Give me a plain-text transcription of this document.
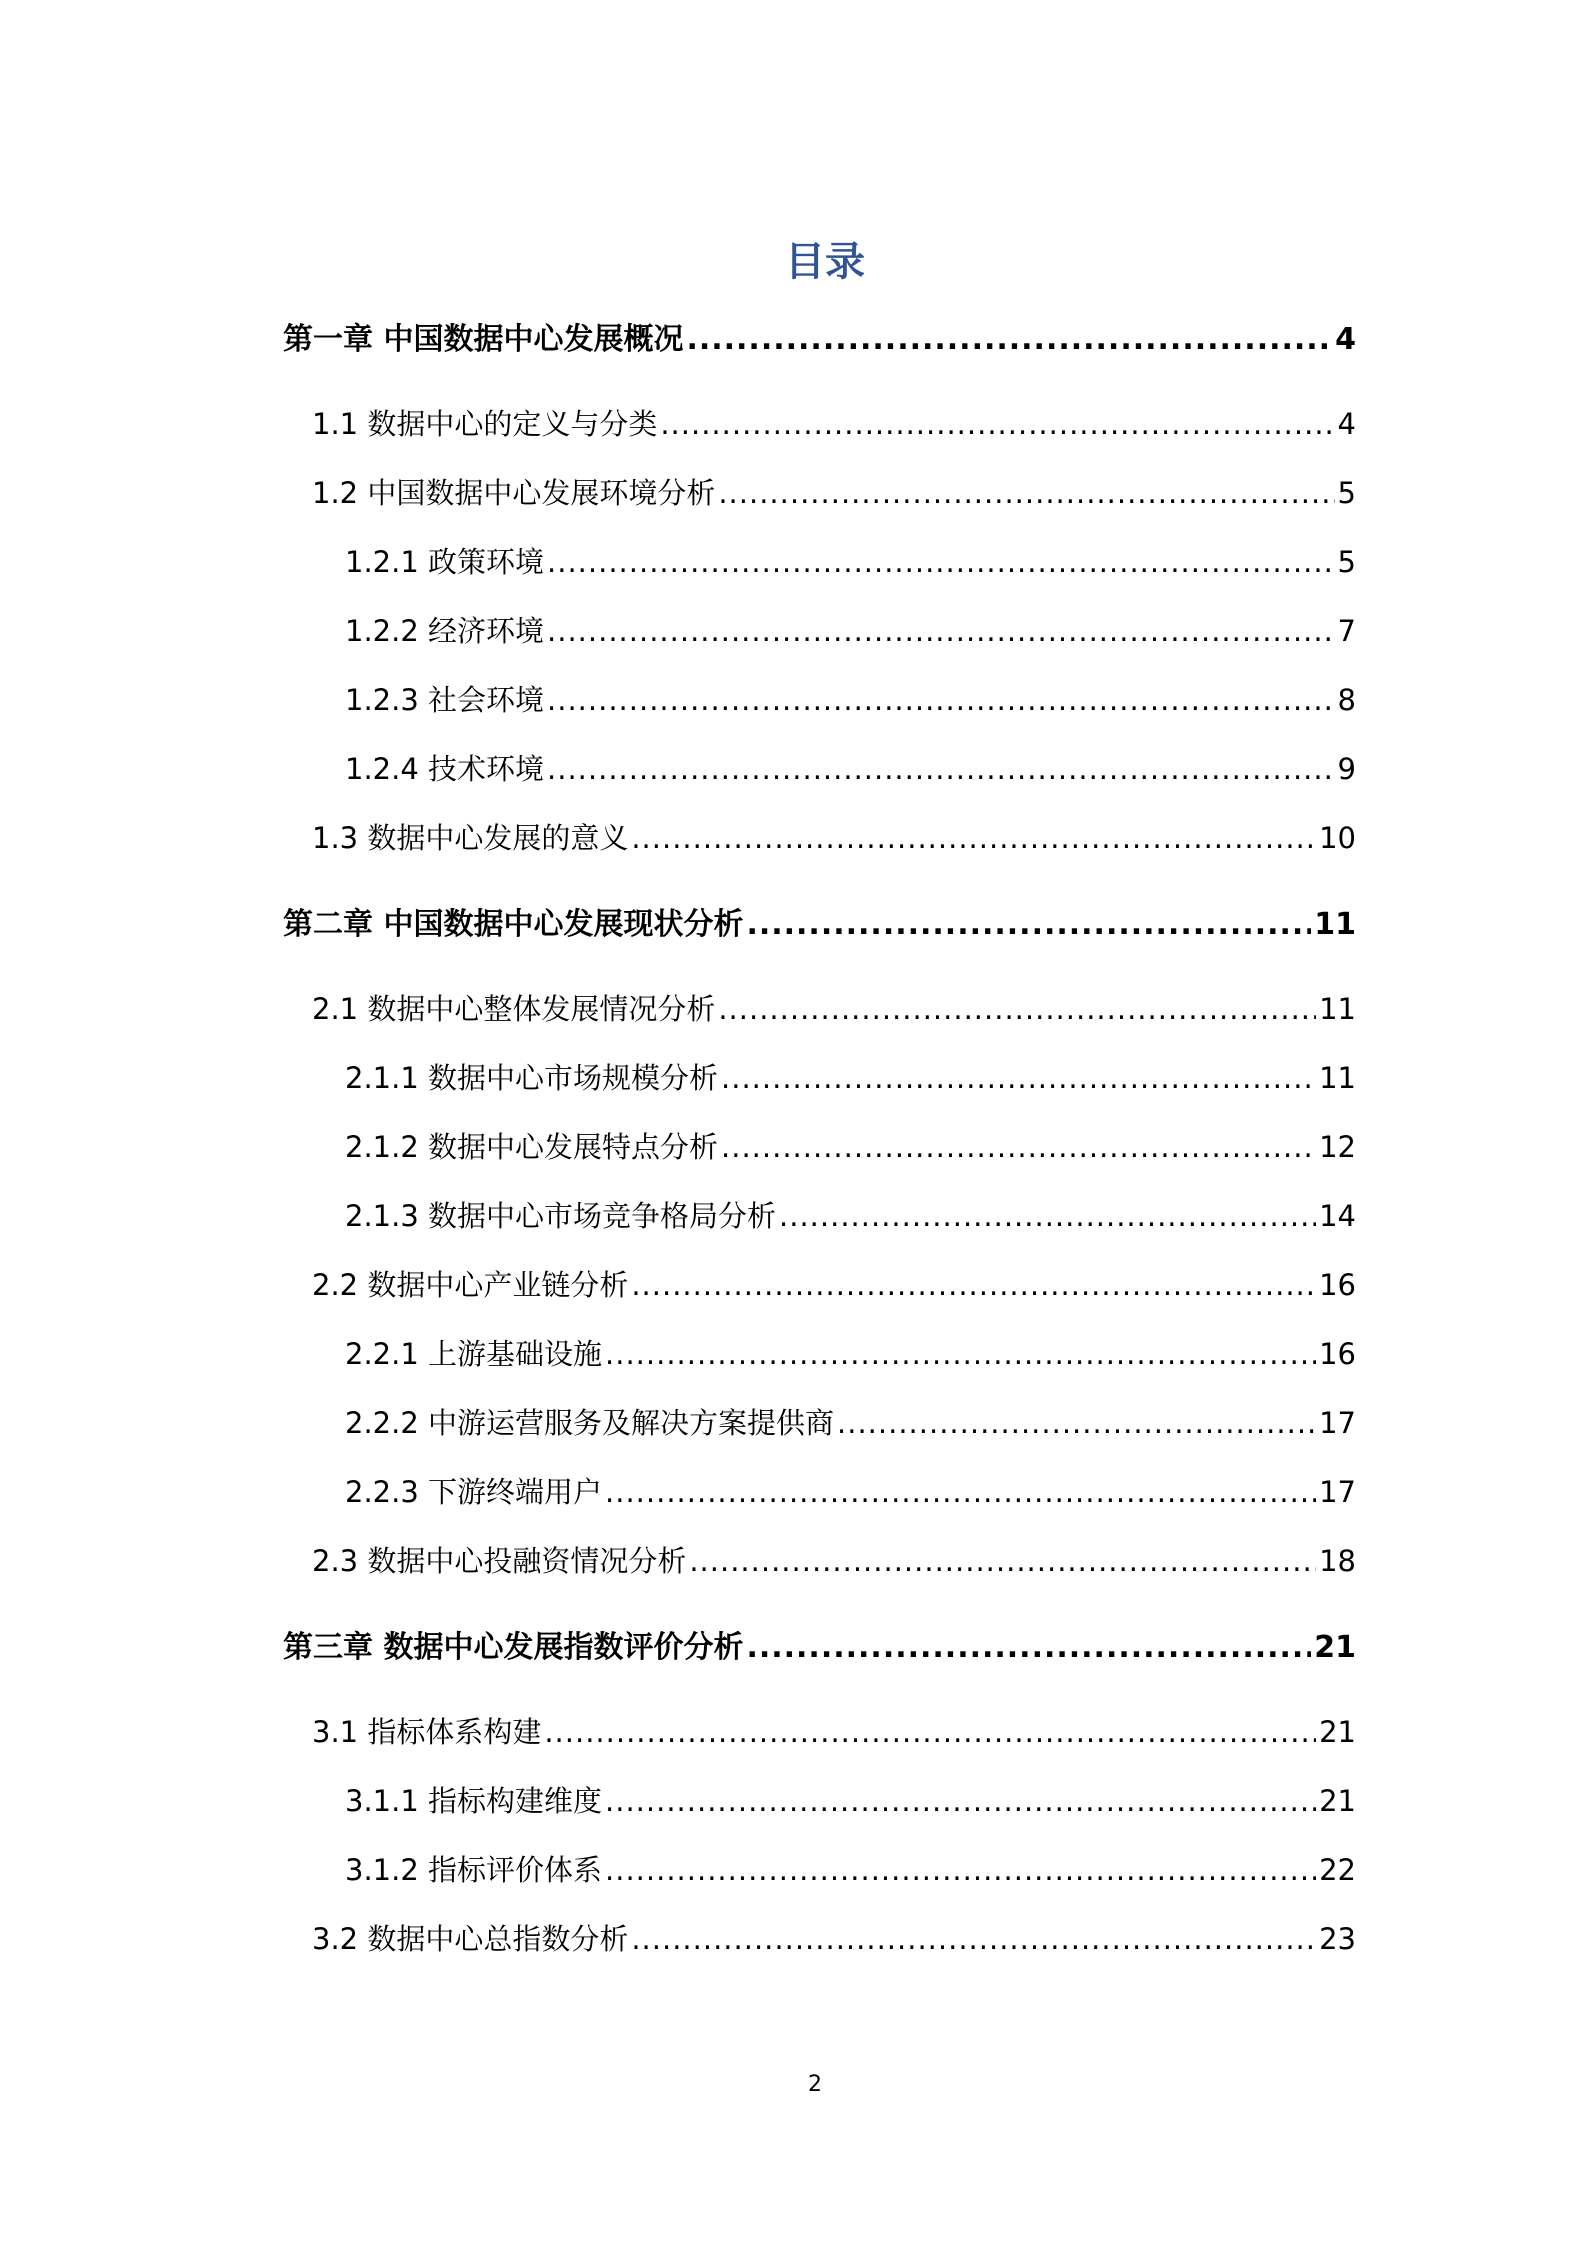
目录
第一章 中国数据中心发展概况 .....	4
1.1 数据中心的定义与分类 .....	4
1.2 中国数据中心发展环境分析 .....	5
1.2.1 政策环境 .....	5
1.2.2 经济环境 .....	7
1.2.3 社会环境 .....	8
1.2.4 技术环境 .....	9
1.3 数据中心发展的意义 .....	10
第二章 中国数据中心发展现状分析 .....	11
2.1 数据中心整体发展情况分析 .....	11
2.1.1 数据中心市场规模分析 .....	11
2.1.2 数据中心发展特点分析 .....	12
2.1.3 数据中心市场竞争格局分析 .....	14
2.2 数据中心产业链分析 .....	16
2.2.1 上游基础设施 .....	16
2.2.2 中游运营服务及解决方案提供商 .....	17
2.2.3 下游终端用户 .....	17
2.3 数据中心投融资情况分析 .....	18
第三章 数据中心发展指数评价分析 .....	21
3.1 指标体系构建 .....	21
3.1.1 指标构建维度 .....	21
3.1.2 指标评价体系 .....	22
3.2 数据中心总指数分析 .....	23
2
